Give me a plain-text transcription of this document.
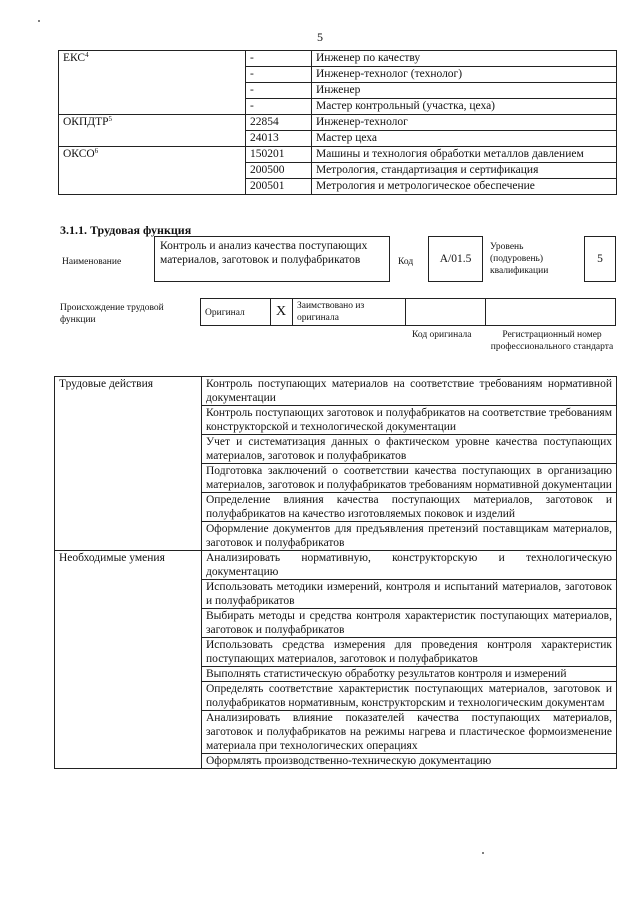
5
ЕКС$^4$	-	Инженер по качеству
	-	Инженер-технолог (технолог)
	-	Инженер
	-	Мастер контрольный (участка, цеха)
ОКПДТР$^5$	22854	Инженер-технолог
	24013	Мастер цеха
ОКСО$^6$	150201	Машины и технология обработки металлов давлением
	200500	Метрология, стандартизация и сертификация
	200501	Метрология и метрологическое обеспечение
3.1.1. Трудовая функция
Наименование
Контроль и анализ качества поступающих материалов, заготовок и полуфабрикатов	Код А/01.5
Уровень (подуровень) квалификации
5
Происхождение трудовой функции
Оригинал X Заимствовано из оригинала
Код оригинала	Регистрационный номер профессионального стандарта
Трудовые действия	Контроль поступающих материалов на соответствие требованиям нормативной документации
	Контроль поступающих заготовок и полуфабрикатов на соответствие требованиям конструкторской и технологической документации
	Учет и систематизация данных о фактическом уровне качества поступающих материалов, заготовок и полуфабрикатов
	Подготовка заключений о соответствии качества поступающих в организацию материалов, заготовок и полуфабрикатов требованиям нормативной документации
	Определение влияния качества поступающих материалов, заготовок и полуфабрикатов на качество изготовляемых поковок и изделий
	Оформление документов для предъявления претензий поставщикам материалов, заготовок и полуфабрикатов
Необходимые умения	Анализировать нормативную, конструкторскую и технологическую документацию
	Использовать методики измерений, контроля и испытаний материалов, заготовок и полуфабрикатов
	Выбирать методы и средства контроля характеристик поступающих материалов, заготовок и полуфабрикатов
	Использовать средства измерения для проведения контроля характеристик поступающих материалов, заготовок и полуфабрикатов
	Выполнять статистическую обработку результатов контроля и измерений
	Определять соответствие характеристик поступающих материалов, заготовок и полуфабрикатов нормативным, конструкторским и технологическим документам
	Анализировать влияние показателей качества поступающих материалов, заготовок и полуфабрикатов на режимы нагрева и пластическое формоизменение материала при технологических операциях
	Оформлять производственно-техническую документацию
